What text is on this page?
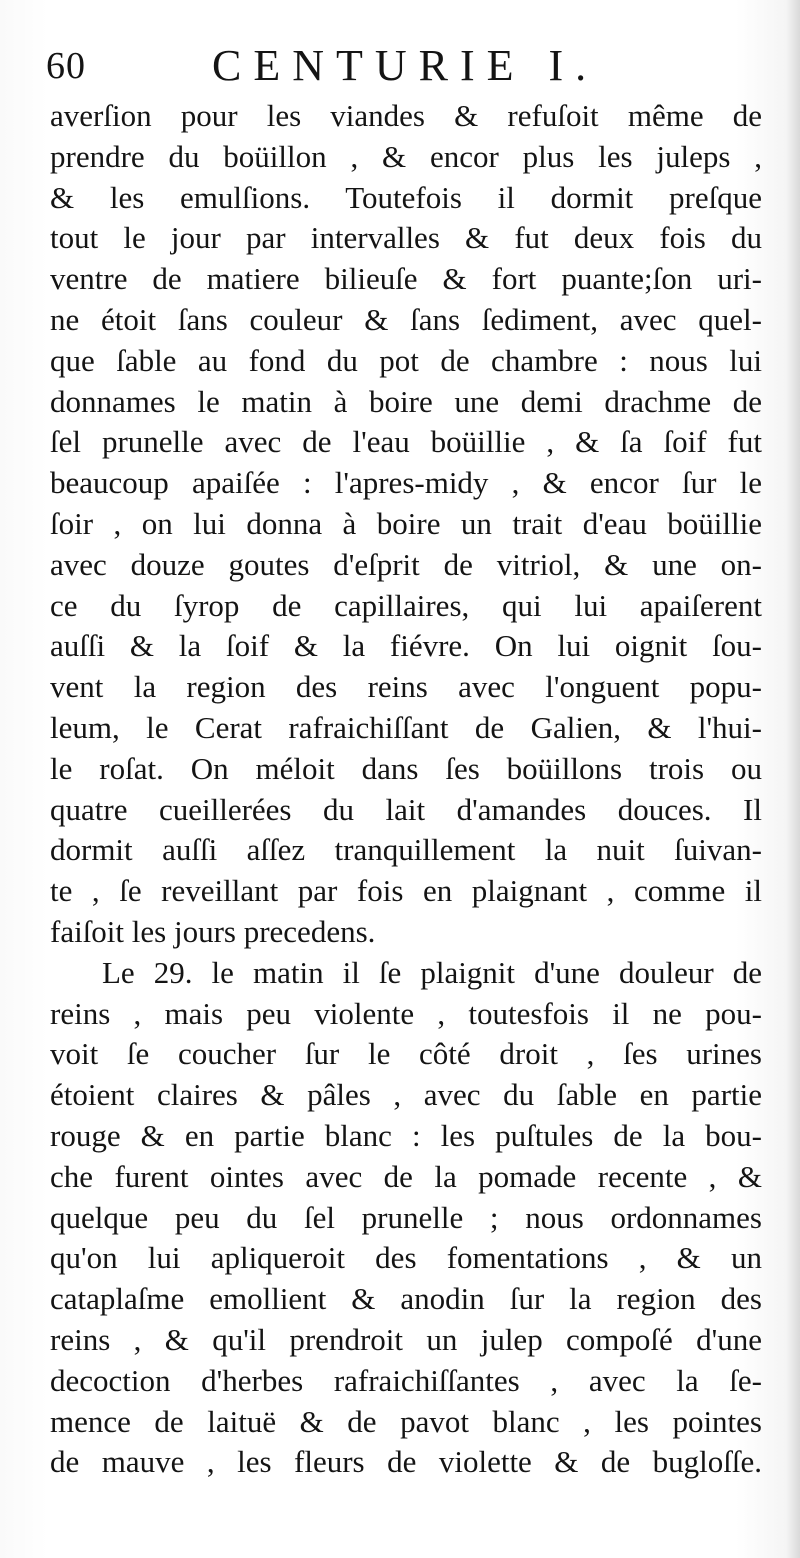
60	CENTURIE I.
averſion pour les viandes & refuſoit même de
prendre du boüillon , & encor plus les juleps ,
& les emulſions. Toutefois il dormit preſque
tout le jour par intervalles & fut deux fois du
ventre de matiere bilieuſe & fort puante;ſon uri-
ne étoit ſans couleur & ſans ſediment, avec quel-
que ſable au fond du pot de chambre : nous lui
donnames le matin à boire une demi drachme de
ſel prunelle avec de l'eau boüillie , & ſa ſoif fut
beaucoup apaiſée : l'apres-midy , & encor ſur le
ſoir , on lui donna à boire un trait d'eau boüillie
avec douze goutes d'eſprit de vitriol, & une on-
ce du ſyrop de capillaires, qui lui apaiſerent
auſſi & la ſoif & la fiévre. On lui oignit ſou-
vent la region des reins avec l'onguent popu-
leum, le Cerat rafraichiſſant de Galien, & l'hui-
le roſat. On méloit dans ſes boüillons trois ou
quatre cueillerées du lait d'amandes douces. Il
dormit auſſi aſſez tranquillement la nuit ſuivan-
te , ſe reveillant par fois en plaignant , comme il
faiſoit les jours precedens.
Le 29. le matin il ſe plaignit d'une douleur de
reins , mais peu violente , toutesfois il ne pou-
voit ſe coucher ſur le côté droit , ſes urines
étoient claires & pâles , avec du ſable en partie
rouge & en partie blanc : les puſtules de la bou-
che furent ointes avec de la pomade recente , &
quelque peu du ſel prunelle ; nous ordonnames
qu'on lui apliqueroit des fomentations , & un
cataplaſme emollient & anodin ſur la region des
reins , & qu'il prendroit un julep compoſé d'une
decoction d'herbes rafraichiſſantes , avec la ſe-
mence de laituë & de pavot blanc , les pointes
de mauve , les fleurs de violette & de bugloſſe.
